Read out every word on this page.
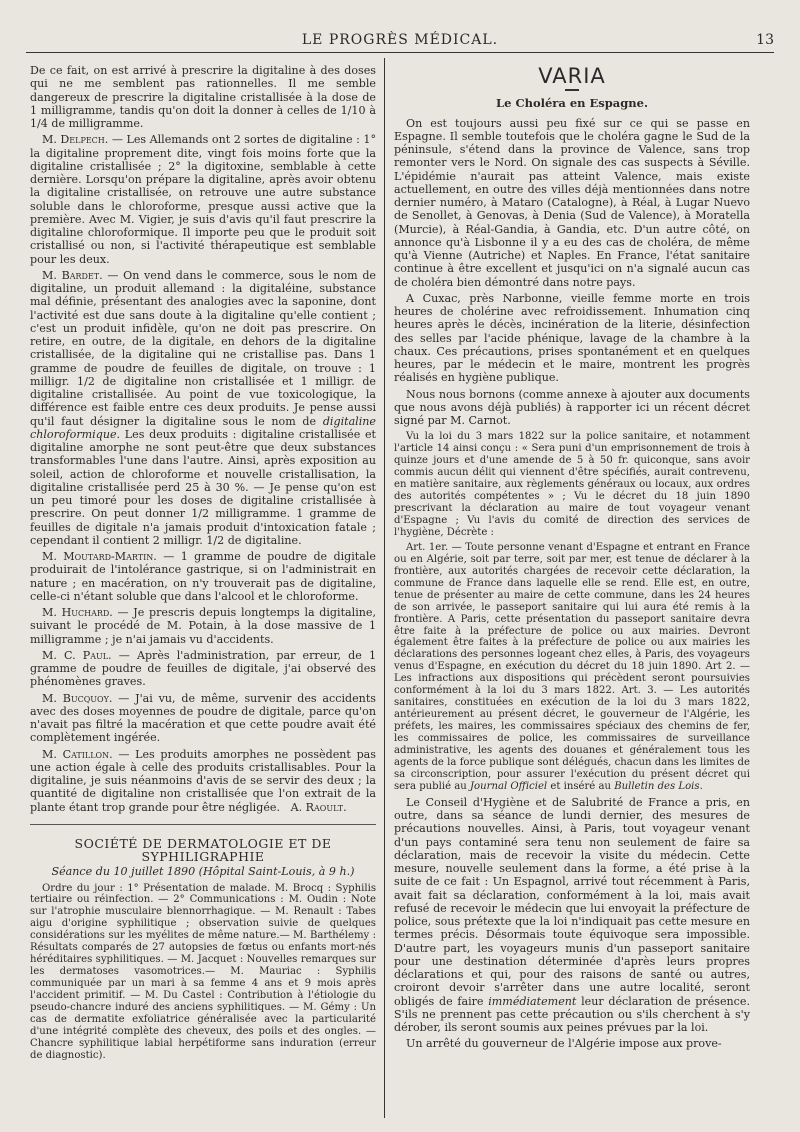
LE PROGRÈS MÉDICAL.	13

De ce fait, on est arrivé à prescrire la digitaline à des doses qui ne me semblent pas rationnelles. Il me semble dangereux de prescrire la digitaline cristallisée à la dose de 1 milligramme, tandis qu'on doit la donner à celles de 1/10 à 1/4 de milligramme.

M. Delpech. — Les Allemands ont 2 sortes de digitaline : 1° la digitaline proprement dite, vingt fois moins forte que la digitaline cristallisée ; 2° la digitoxine, semblable à cette dernière. Lorsqu'on prépare la digitaline, après avoir obtenu la digitaline cristallisée, on retrouve une autre substance soluble dans le chloroforme, presque aussi active que la première. Avec M. Vigier, je suis d'avis qu'il faut prescrire la digitaline chloroformique. Il importe peu que le produit soit cristallisé ou non, si l'activité thérapeutique est semblable pour les deux.

M. Bardet. — On vend dans le commerce, sous le nom de digitaline, un produit allemand : la digitaléine, substance mal définie, présentant des analogies avec la saponine, dont l'activité est due sans doute à la digitaline qu'elle contient ; c'est un produit infidèle, qu'on ne doit pas prescrire. On retire, en outre, de la digitale, en dehors de la digitaline cristallisée, de la digitaline qui ne cristallise pas. Dans 1 gramme de poudre de feuilles de digitale, on trouve : 1 milligr. 1/2 de digitaline non cristallisée et 1 milligr. de digitaline cristallisée. Au point de vue toxicologique, la différence est faible entre ces deux produits. Je pense aussi qu'il faut désigner la digitaline sous le nom de digitaline chloroformique. Les deux produits : digitaline cristallisée et digitaline amorphe ne sont peut-être que deux substances transformables l'une dans l'autre. Ainsi, après exposition au soleil, action de chloroforme et nouvelle cristallisation, la digitaline cristallisée perd 25 à 30 %. — Je pense qu'on est un peu timoré pour les doses de digitaline cristallisée à prescrire. On peut donner 1/2 milligramme. 1 gramme de feuilles de digitale n'a jamais produit d'intoxication fatale ; cependant il contient 2 milligr. 1/2 de digitaline.

M. Moutard-Martin. — 1 gramme de poudre de digitale produirait de l'intolérance gastrique, si on l'administrait en nature ; en macération, on n'y trouverait pas de digitaline, celle-ci n'étant soluble que dans l'alcool et le chloroforme.

M. Huchard. — Je prescris depuis longtemps la digitaline, suivant le procédé de M. Potain, à la dose massive de 1 milligramme ; je n'ai jamais vu d'accidents.

M. C. Paul. — Après l'administration, par erreur, de 1 gramme de poudre de feuilles de digitale, j'ai observé des phénomènes graves.

M. Bucquoy. — J'ai vu, de même, survenir des accidents avec des doses moyennes de poudre de digitale, parce qu'on n'avait pas filtré la macération et que cette poudre avait été complètement ingérée.

M. Catillon. — Les produits amorphes ne possèdent pas une action égale à celle des produits cristallisables. Pour la digitaline, je suis néanmoins d'avis de se servir des deux ; la quantité de digitaline non cristallisée que l'on extrait de la plante étant trop grande pour être négligée. A. Raoult.

SOCIÉTÉ DE DERMATOLOGIE ET DE SYPHILIGRAPHIE
Séance du 10 juillet 1890 (Hôpital Saint-Louis, à 9 h.)

Ordre du jour : 1° Présentation de malade. M. Brocq : Syphilis tertiaire ou réinfection. — 2° Communications : M. Oudin : Note sur l'atrophie musculaire blennorrhagique. — M. Renault : Tabes aigu d'origine syphilitique ; observation suivie de quelques considérations sur les myélites de même nature.— M. Barthélemy : Résultats comparés de 27 autopsies de fœtus ou enfants mort-nés héréditaires syphilitiques. — M. Jacquet : Nouvelles remarques sur les dermatoses vasomotrices.— M. Mauriac : Syphilis communiquée par un mari à sa femme 4 ans et 9 mois après l'accident primitif. — M. Du Castel : Contribution à l'étiologie du pseudo-chancre induré des anciens syphilitiques. — M. Gémy : Un cas de dermatite exfoliatrice généralisée avec la particularité d'une intégrité complète des cheveux, des poils et des ongles. — Chancre syphilitique labial herpétiforme sans induration (erreur de diagnostic).

VARIA
Le Choléra en Espagne.

On est toujours aussi peu fixé sur ce qui se passe en Espagne. Il semble toutefois que le choléra gagne le Sud de la péninsule, s'étend dans la province de Valence, sans trop remonter vers le Nord. On signale des cas suspects à Séville. L'épidémie n'aurait pas atteint Valence, mais existe actuellement, en outre des villes déjà mentionnées dans notre dernier numéro, à Mataro (Catalogne), à Réal, à Lugar Nuevo de Senollet, à Genovas, à Denia (Sud de Valence), à Moratella (Murcie), à Réal-Gandia, à Gandia, etc. D'un autre côté, on annonce qu'à Lisbonne il y a eu des cas de choléra, de même qu'à Vienne (Autriche) et Naples. En France, l'état sanitaire continue à être excellent et jusqu'ici on n'a signalé aucun cas de choléra bien démontré dans notre pays.

A Cuxac, près Narbonne, vieille femme morte en trois heures de cholérine avec refroidissement. Inhumation cinq heures après le décès, incinération de la literie, désinfection des selles par l'acide phénique, lavage de la chambre à la chaux. Ces précautions, prises spontanément et en quelques heures, par le médecin et le maire, montrent les progrès réalisés en hygiène publique.

Nous nous bornons (comme annexe à ajouter aux documents que nous avons déjà publiés) à rapporter ici un récent décret signé par M. Carnot.

Vu la loi du 3 mars 1822 sur la police sanitaire, et notamment l'article 14 ainsi conçu : « Sera puni d'un emprisonnement de trois à quinze jours et d'une amende de 5 à 50 fr. quiconque, sans avoir commis aucun délit qui viennent d'être spécifiés, aurait contrevenu, en matière sanitaire, aux règlements généraux ou locaux, aux ordres des autorités compétentes » ; Vu le décret du 18 juin 1890 prescrivant la déclaration au maire de tout voyageur venant d'Espagne ; Vu l'avis du comité de direction des services de l'hygiène, Décrète :

Art. 1er. — Toute personne venant d'Espagne et entrant en France ou en Algérie, soit par terre, soit par mer, est tenue de déclarer à la frontière, aux autorités chargées de recevoir cette déclaration, la commune de France dans laquelle elle se rend. Elle est, en outre, tenue de présenter au maire de cette commune, dans les 24 heures de son arrivée, le passeport sanitaire qui lui aura été remis à la frontière. A Paris, cette présentation du passeport sanitaire devra être faite à la préfecture de police ou aux mairies. Devront également être faites à la préfecture de police ou aux mairies les déclarations des personnes logeant chez elles, à Paris, des voyageurs venus d'Espagne, en exécution du décret du 18 juin 1890. Art 2. — Les infractions aux dispositions qui précèdent seront poursuivies conformément à la loi du 3 mars 1822. Art. 3. — Les autorités sanitaires, constituées en exécution de la loi du 3 mars 1822, antérieurement au présent décret, le gouverneur de l'Algérie, les préfets, les maires, les commissaires spéciaux des chemins de fer, les commissaires de police, les commissaires de surveillance administrative, les agents des douanes et généralement tous les agents de la force publique sont délégués, chacun dans les limites de sa circonscription, pour assurer l'exécution du présent décret qui sera publié au Journal Officiel et inséré au Bulletin des Lois.

Le Conseil d'Hygiène et de Salubrité de France a pris, en outre, dans sa séance de lundi dernier, des mesures de précautions nouvelles. Ainsi, à Paris, tout voyageur venant d'un pays contaminé sera tenu non seulement de faire sa déclaration, mais de recevoir la visite du médecin. Cette mesure, nouvelle seulement dans la forme, a été prise à la suite de ce fait : Un Espagnol, arrivé tout récemment à Paris, avait fait sa déclaration, conformément à la loi, mais avait refusé de recevoir le médecin que lui envoyait la préfecture de police, sous prétexte que la loi n'indiquait pas cette mesure en termes précis. Désormais toute équivoque sera impossible. D'autre part, les voyageurs munis d'un passeport sanitaire pour une destination déterminée d'après leurs propres déclarations et qui, pour des raisons de santé ou autres, croiront devoir s'arrêter dans une autre localité, seront obligés de faire immédiatement leur déclaration de présence. S'ils ne prennent pas cette précaution ou s'ils cherchent à s'y dérober, ils seront soumis aux peines prévues par la loi.

Un arrêté du gouverneur de l'Algérie impose aux prove-
